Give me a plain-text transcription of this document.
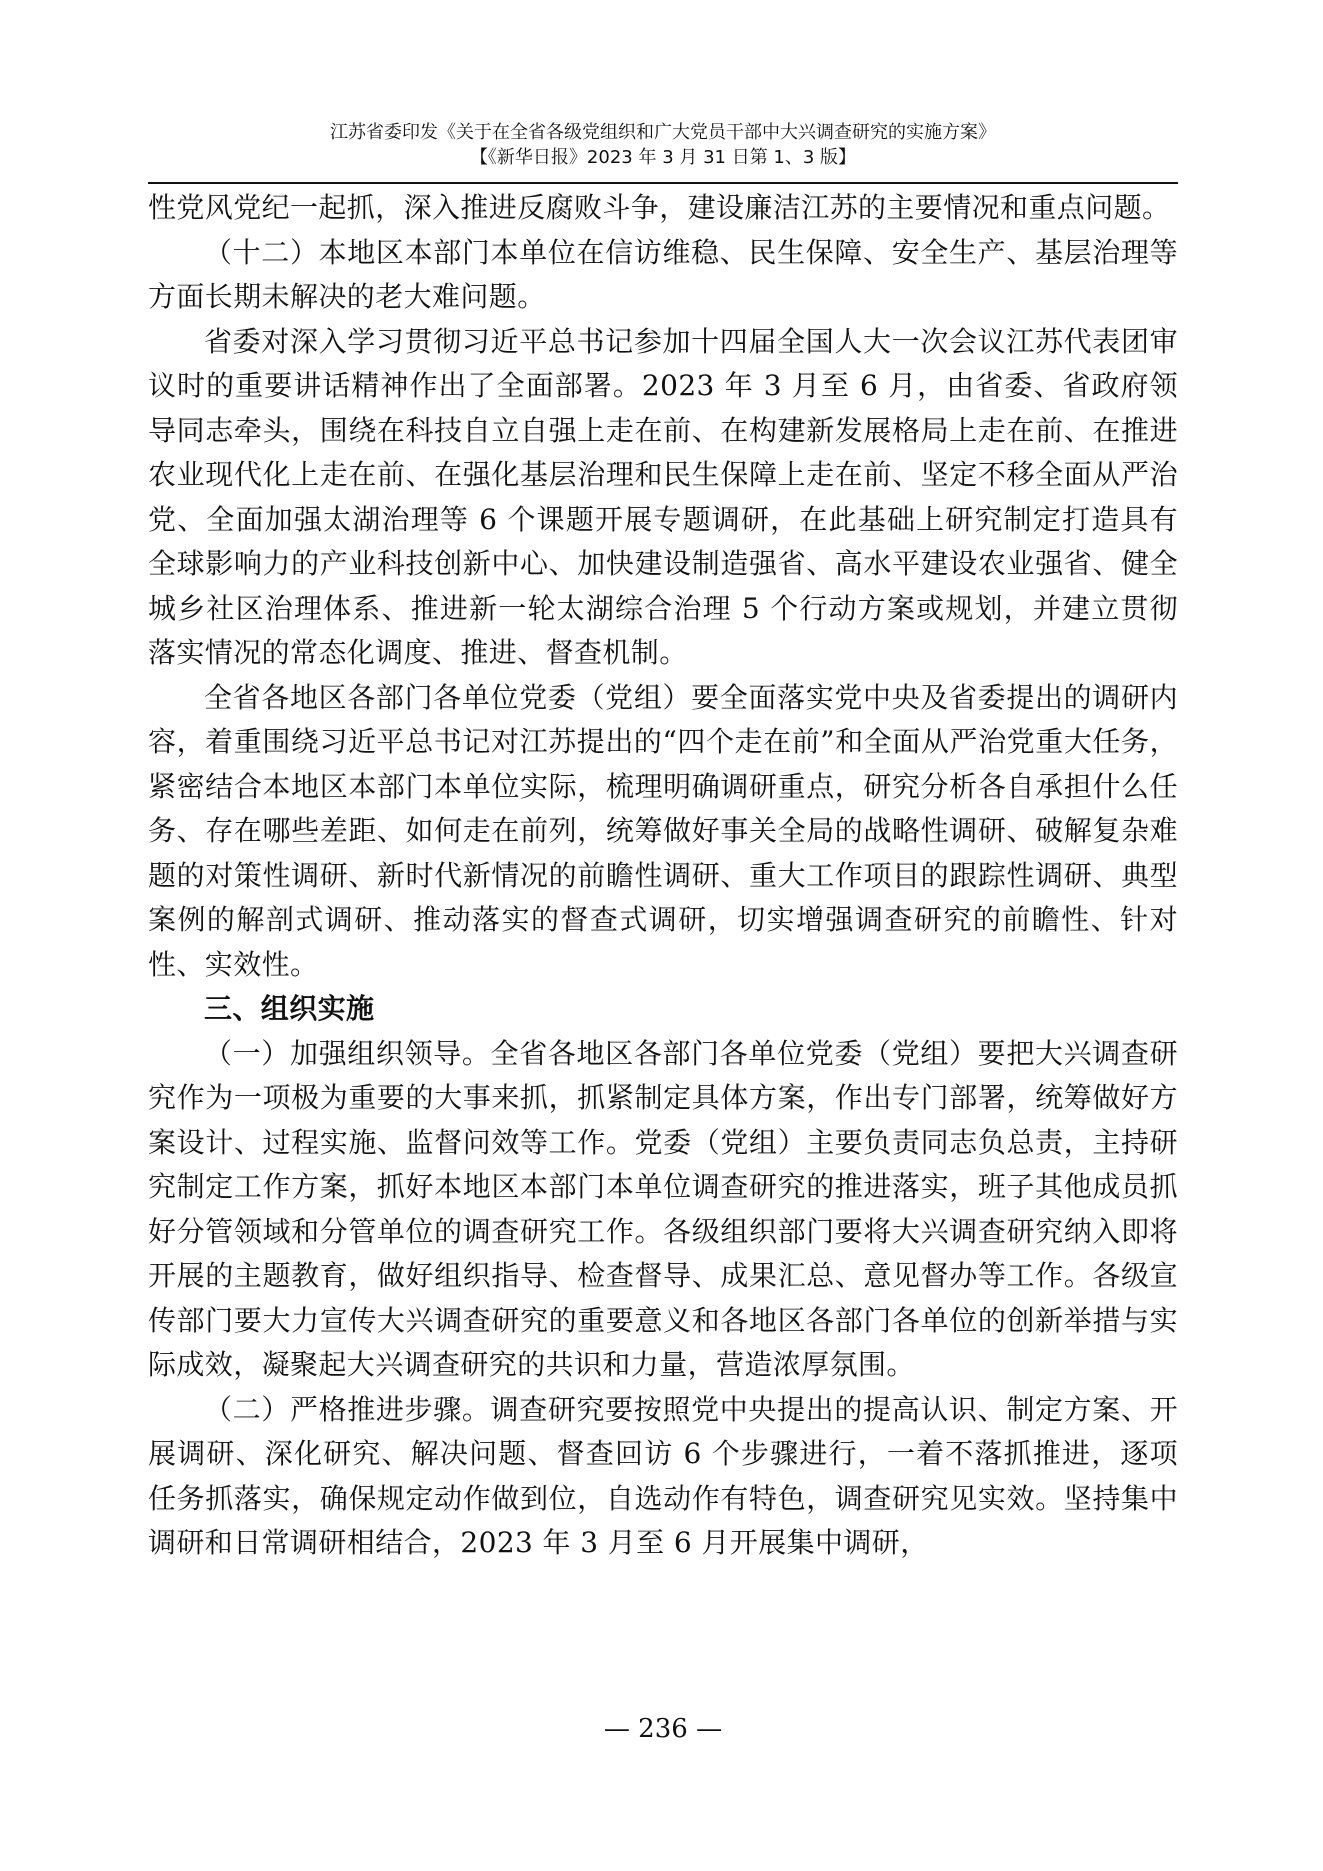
江苏省委印发《关于在全省各级党组织和广大党员干部中大兴调查研究的实施方案》
【《新华日报》2023 年 3 月 31 日第 1、3 版】

性党风党纪一起抓，深入推进反腐败斗争，建设廉洁江苏的主要情况和重点问题。

（十二）本地区本部门本单位在信访维稳、民生保障、安全生产、基层治理等方面长期未解决的老大难问题。

省委对深入学习贯彻习近平总书记参加十四届全国人大一次会议江苏代表团审议时的重要讲话精神作出了全面部署。2023 年 3 月至 6 月，由省委、省政府领导同志牵头，围绕在科技自立自强上走在前、在构建新发展格局上走在前、在推进农业现代化上走在前、在强化基层治理和民生保障上走在前、坚定不移全面从严治党、全面加强太湖治理等 6 个课题开展专题调研，在此基础上研究制定打造具有全球影响力的产业科技创新中心、加快建设制造强省、高水平建设农业强省、健全城乡社区治理体系、推进新一轮太湖综合治理 5 个行动方案或规划，并建立贯彻落实情况的常态化调度、推进、督查机制。

全省各地区各部门各单位党委（党组）要全面落实党中央及省委提出的调研内容，着重围绕习近平总书记对江苏提出的“四个走在前”和全面从严治党重大任务，紧密结合本地区本部门本单位实际，梳理明确调研重点，研究分析各自承担什么任务、存在哪些差距、如何走在前列，统筹做好事关全局的战略性调研、破解复杂难题的对策性调研、新时代新情况的前瞻性调研、重大工作项目的跟踪性调研、典型案例的解剖式调研、推动落实的督查式调研，切实增强调查研究的前瞻性、针对性、实效性。

三、组织实施

（一）加强组织领导。全省各地区各部门各单位党委（党组）要把大兴调查研究作为一项极为重要的大事来抓，抓紧制定具体方案，作出专门部署，统筹做好方案设计、过程实施、监督问效等工作。党委（党组）主要负责同志负总责，主持研究制定工作方案，抓好本地区本部门本单位调查研究的推进落实，班子其他成员抓好分管领域和分管单位的调查研究工作。各级组织部门要将大兴调查研究纳入即将开展的主题教育，做好组织指导、检查督导、成果汇总、意见督办等工作。各级宣传部门要大力宣传大兴调查研究的重要意义和各地区各部门各单位的创新举措与实际成效，凝聚起大兴调查研究的共识和力量，营造浓厚氛围。

（二）严格推进步骤。调查研究要按照党中央提出的提高认识、制定方案、开展调研、深化研究、解决问题、督查回访 6 个步骤进行，一着不落抓推进，逐项任务抓落实，确保规定动作做到位，自选动作有特色，调查研究见实效。坚持集中调研和日常调研相结合，2023 年 3 月至 6 月开展集中调研，

— 236 —
